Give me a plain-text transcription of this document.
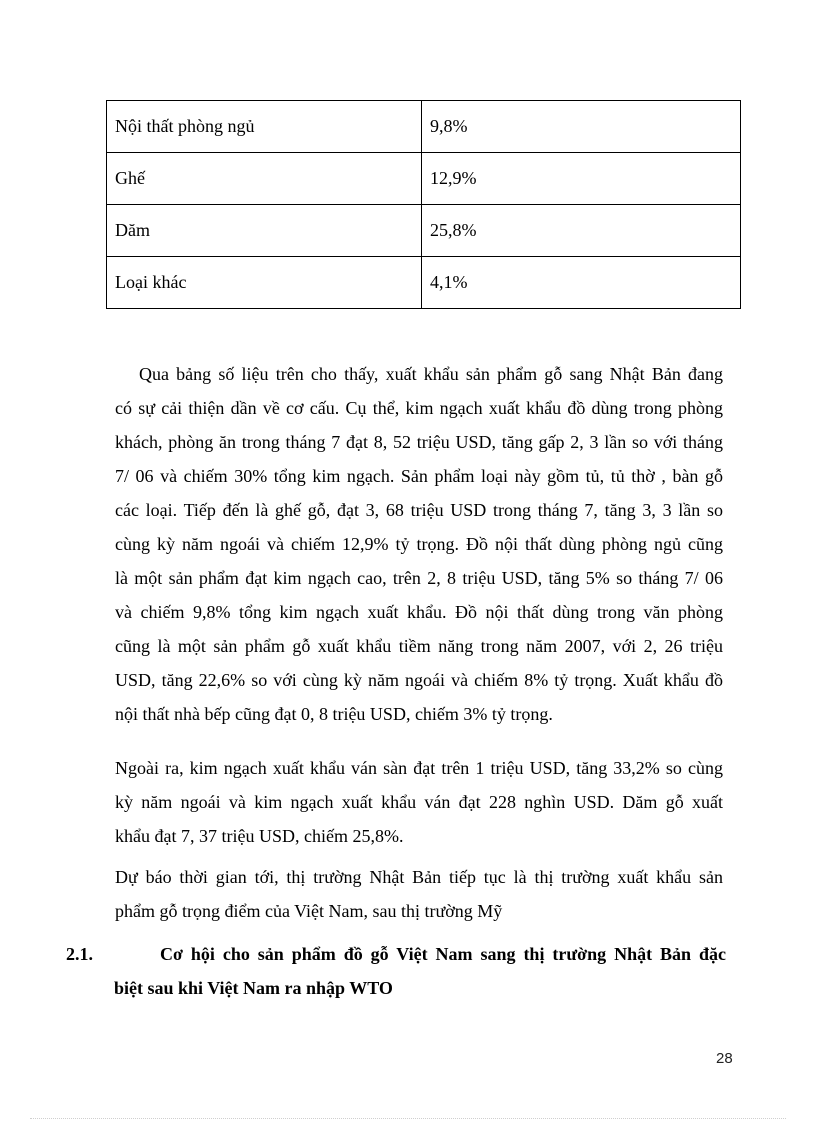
Nội thất phòng ngủ	9,8%
Ghế	12,9%
Dăm	25,8%
Loại khác	4,1%

Qua bảng số liệu trên cho thấy, xuất khẩu sản phẩm gỗ sang Nhật Bản đang
có sự cải thiện dần về cơ cấu. Cụ thể, kim ngạch xuất khẩu đồ dùng trong phòng
khách, phòng ăn trong tháng 7 đạt 8, 52 triệu USD, tăng gấp 2, 3 lần so với tháng
7/ 06 và chiếm 30% tổng kim ngạch. Sản phẩm loại này gồm tủ, tủ thờ , bàn gỗ
các loại. Tiếp đến là ghế gỗ, đạt 3, 68 triệu USD trong tháng 7, tăng 3, 3 lần so
cùng kỳ năm ngoái và chiếm 12,9% tỷ trọng. Đồ nội thất dùng phòng ngủ cũng
là một sản phẩm đạt kim ngạch cao, trên 2, 8 triệu USD, tăng 5% so tháng 7/ 06
và chiếm 9,8% tổng kim ngạch xuất khẩu. Đồ nội thất dùng trong văn phòng
cũng là một sản phẩm gỗ xuất khẩu tiềm năng trong năm 2007, với 2, 26 triệu
USD, tăng 22,6% so với cùng kỳ năm ngoái và chiếm 8% tỷ trọng. Xuất khẩu đồ
nội thất nhà bếp cũng đạt 0, 8 triệu USD, chiếm 3% tỷ trọng.

Ngoài ra, kim ngạch xuất khẩu ván sàn đạt trên 1 triệu USD, tăng 33,2% so cùng
kỳ năm ngoái và kim ngạch xuất khẩu ván đạt 228 nghìn USD. Dăm gỗ xuất
khẩu đạt 7, 37 triệu USD, chiếm 25,8%.

Dự báo thời gian tới, thị trường Nhật Bản tiếp tục là thị trường xuất khẩu sản
phẩm gỗ trọng điểm của Việt Nam, sau thị trường Mỹ

2.1.	Cơ hội cho sản phẩm đồ gỗ Việt Nam sang thị trường Nhật Bản đặc
biệt sau khi Việt Nam ra nhập WTO
28
